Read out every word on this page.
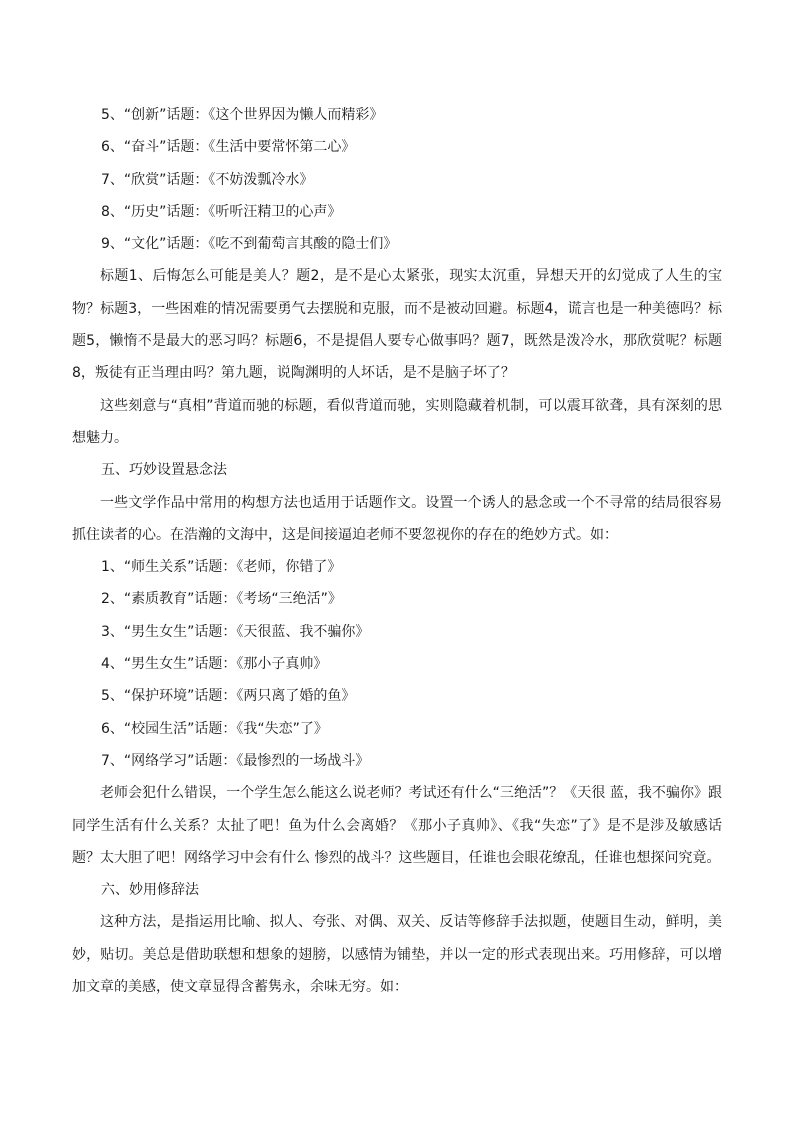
5、“创新”话题：《这个世界因为懒人而精彩》
6、“奋斗”话题：《生活中要常怀第二心》
7、“欣赏”话题：《不妨泼瓢冷水》
8、“历史”话题：《听听汪精卫的心声》
9、“文化”话题：《吃不到葡萄言其酸的隐士们》

标题1、后悔怎么可能是美人？题2，是不是心太紧张，现实太沉重，异想天开的幻觉成了人生的宝物？标题3，一些困难的情况需要勇气去摆脱和克服，而不是被动回避。标题4，谎言也是一种美德吗？标题5，懒惰不是最大的恶习吗？标题6，不是提倡人要专心做事吗？题7，既然是泼冷水，那欣赏呢？标题 8，叛徒有正当理由吗？第九题，说陶渊明的人坏话，是不是脑子坏了？

这些刻意与“真相”背道而驰的标题，看似背道而驰，实则隐藏着机制，可以震耳欲聋，具有深刻的思想魅力。

五、巧妙设置悬念法

一些文学作品中常用的构想方法也适用于话题作文。设置一个诱人的悬念或一个不寻常的结局很容易抓住读者的心。在浩瀚的文海中，这是间接逼迫老师不要忽视你的存在的绝妙方式。如：

1、“师生关系”话题：《老师，你错了》
2、“素质教育”话题：《考场“三绝活”》
3、“男生女生”话题：《天很蓝、我不骗你》
4、“男生女生”话题：《那小子真帅》
5、“保护环境”话题：《两只离了婚的鱼》
6、“校园生活”话题：《我“失恋”了》
7、“网络学习”话题：《最惨烈的一场战斗》

老师会犯什么错误，一个学生怎么能这么说老师？考试还有什么“三绝活”？《天很 蓝，我不骗你》跟同学生活有什么关系？太扯了吧！鱼为什么会离婚？《那小子真帅》、《我“失恋”了》是不是涉及敏感话题？太大胆了吧！网络学习中会有什么 惨烈的战斗？这些题目，任谁也会眼花缭乱，任谁也想探问究竟。

六、妙用修辞法

这种方法，是指运用比喻、拟人、夸张、对偶、双关、反诘等修辞手法拟题，使题目生动，鲜明，美妙，贴切。美总是借助联想和想象的翅膀，以感情为铺垫，并以一定的形式表现出来。巧用修辞，可以增加文章的美感，使文章显得含蓄隽永，余味无穷。如：
